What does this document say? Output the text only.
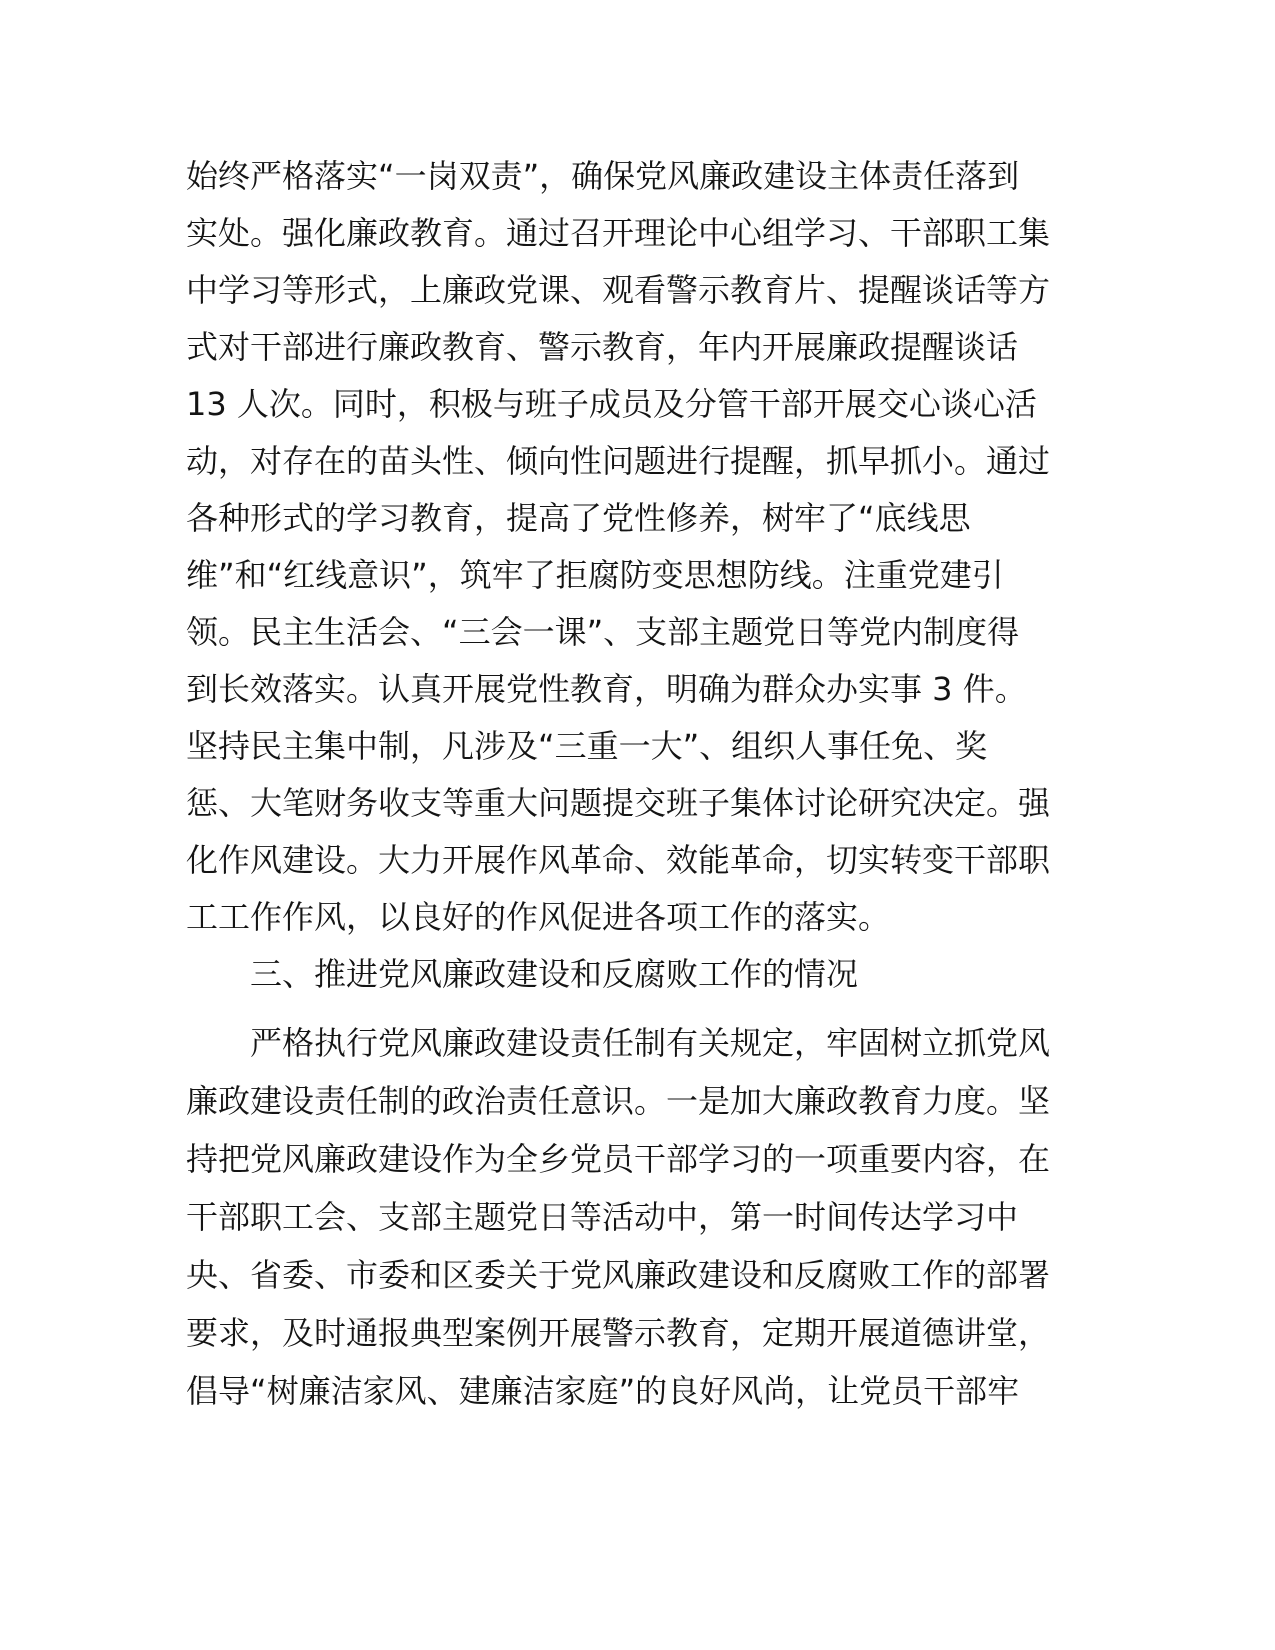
始终严格落实“一岗双责”，确保党风廉政建设主体责任落到
实处。强化廉政教育。通过召开理论中心组学习、干部职工集
中学习等形式，上廉政党课、观看警示教育片、提醒谈话等方
式对干部进行廉政教育、警示教育，年内开展廉政提醒谈话
13 人次。同时，积极与班子成员及分管干部开展交心谈心活
动，对存在的苗头性、倾向性问题进行提醒，抓早抓小。通过
各种形式的学习教育，提高了党性修养，树牢了“底线思
维”和“红线意识”，筑牢了拒腐防变思想防线。注重党建引
领。民主生活会、“三会一课”、支部主题党日等党内制度得
到长效落实。认真开展党性教育，明确为群众办实事 3 件。
坚持民主集中制，凡涉及“三重一大”、组织人事任免、奖
惩、大笔财务收支等重大问题提交班子集体讨论研究决定。强
化作风建设。大力开展作风革命、效能革命，切实转变干部职
工工作作风，以良好的作风促进各项工作的落实。
三、推进党风廉政建设和反腐败工作的情况
严格执行党风廉政建设责任制有关规定，牢固树立抓党风
廉政建设责任制的政治责任意识。一是加大廉政教育力度。坚
持把党风廉政建设作为全乡党员干部学习的一项重要内容，在
干部职工会、支部主题党日等活动中，第一时间传达学习中
央、省委、市委和区委关于党风廉政建设和反腐败工作的部署
要求，及时通报典型案例开展警示教育，定期开展道德讲堂，
倡导“树廉洁家风、建廉洁家庭”的良好风尚，让党员干部牢
